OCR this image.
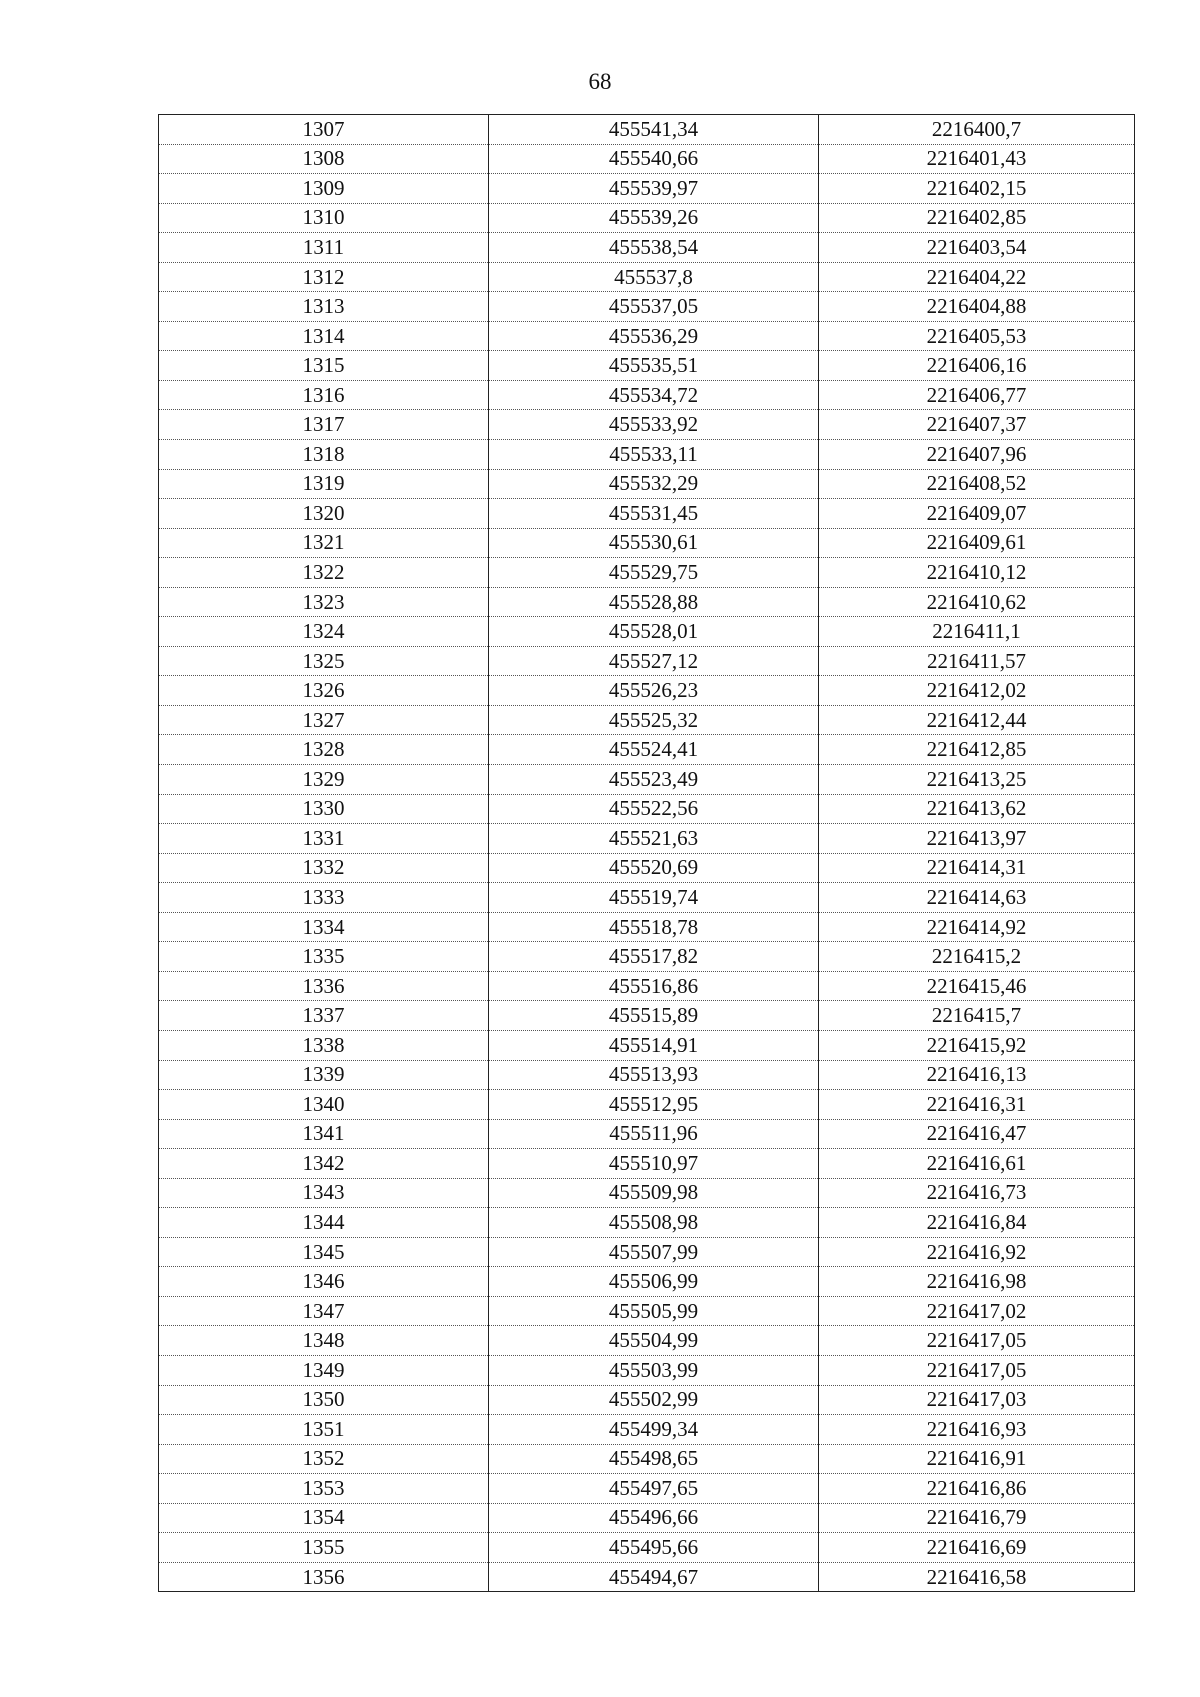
68
1307	455541,34	2216400,7
1308	455540,66	2216401,43
1309	455539,97	2216402,15
1310	455539,26	2216402,85
1311	455538,54	2216403,54
1312	455537,8	2216404,22
1313	455537,05	2216404,88
1314	455536,29	2216405,53
1315	455535,51	2216406,16
1316	455534,72	2216406,77
1317	455533,92	2216407,37
1318	455533,11	2216407,96
1319	455532,29	2216408,52
1320	455531,45	2216409,07
1321	455530,61	2216409,61
1322	455529,75	2216410,12
1323	455528,88	2216410,62
1324	455528,01	2216411,1
1325	455527,12	2216411,57
1326	455526,23	2216412,02
1327	455525,32	2216412,44
1328	455524,41	2216412,85
1329	455523,49	2216413,25
1330	455522,56	2216413,62
1331	455521,63	2216413,97
1332	455520,69	2216414,31
1333	455519,74	2216414,63
1334	455518,78	2216414,92
1335	455517,82	2216415,2
1336	455516,86	2216415,46
1337	455515,89	2216415,7
1338	455514,91	2216415,92
1339	455513,93	2216416,13
1340	455512,95	2216416,31
1341	455511,96	2216416,47
1342	455510,97	2216416,61
1343	455509,98	2216416,73
1344	455508,98	2216416,84
1345	455507,99	2216416,92
1346	455506,99	2216416,98
1347	455505,99	2216417,02
1348	455504,99	2216417,05
1349	455503,99	2216417,05
1350	455502,99	2216417,03
1351	455499,34	2216416,93
1352	455498,65	2216416,91
1353	455497,65	2216416,86
1354	455496,66	2216416,79
1355	455495,66	2216416,69
1356	455494,67	2216416,58
